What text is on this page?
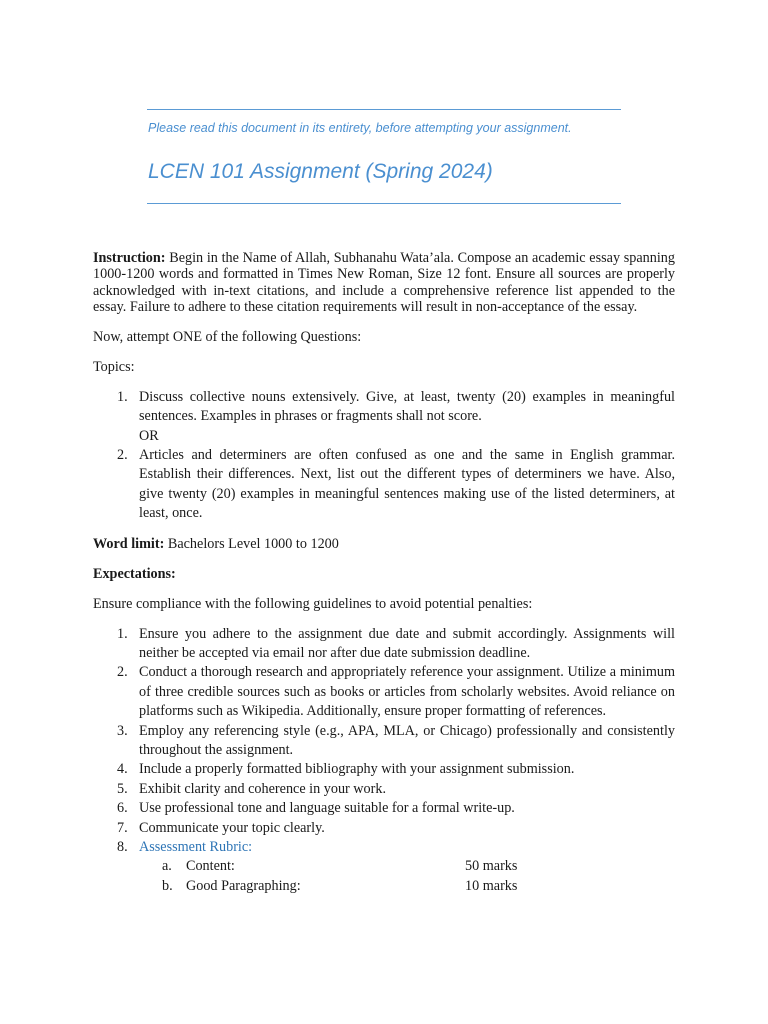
Please read this document in its entirety, before attempting your assignment.
LCEN 101 Assignment (Spring 2024)

Instruction: Begin in the Name of Allah, Subhanahu Wata’ala. Compose an academic essay spanning 1000-1200 words and formatted in Times New Roman, Size 12 font. Ensure all sources are properly acknowledged with in-text citations, and include a comprehensive reference list appended to the essay. Failure to adhere to these citation requirements will result in non-acceptance of the essay.

Now, attempt ONE of the following Questions:

Topics:

1. Discuss collective nouns extensively. Give, at least, twenty (20) examples in meaningful sentences. Examples in phrases or fragments shall not score.
OR
2. Articles and determiners are often confused as one and the same in English grammar. Establish their differences. Next, list out the different types of determiners we have. Also, give twenty (20) examples in meaningful sentences making use of the listed determiners, at least, once.

Word limit: Bachelors Level 1000 to 1200

Expectations:

Ensure compliance with the following guidelines to avoid potential penalties:

1. Ensure you adhere to the assignment due date and submit accordingly. Assignments will neither be accepted via email nor after due date submission deadline.
2. Conduct a thorough research and appropriately reference your assignment. Utilize a minimum of three credible sources such as books or articles from scholarly websites. Avoid reliance on platforms such as Wikipedia. Additionally, ensure proper formatting of references.
3. Employ any referencing style (e.g., APA, MLA, or Chicago) professionally and consistently throughout the assignment.
4. Include a properly formatted bibliography with your assignment submission.
5. Exhibit clarity and coherence in your work.
6. Use professional tone and language suitable for a formal write-up.
7. Communicate your topic clearly.
8. Assessment Rubric:
a. Content:	50 marks
b. Good Paragraphing:	10 marks
